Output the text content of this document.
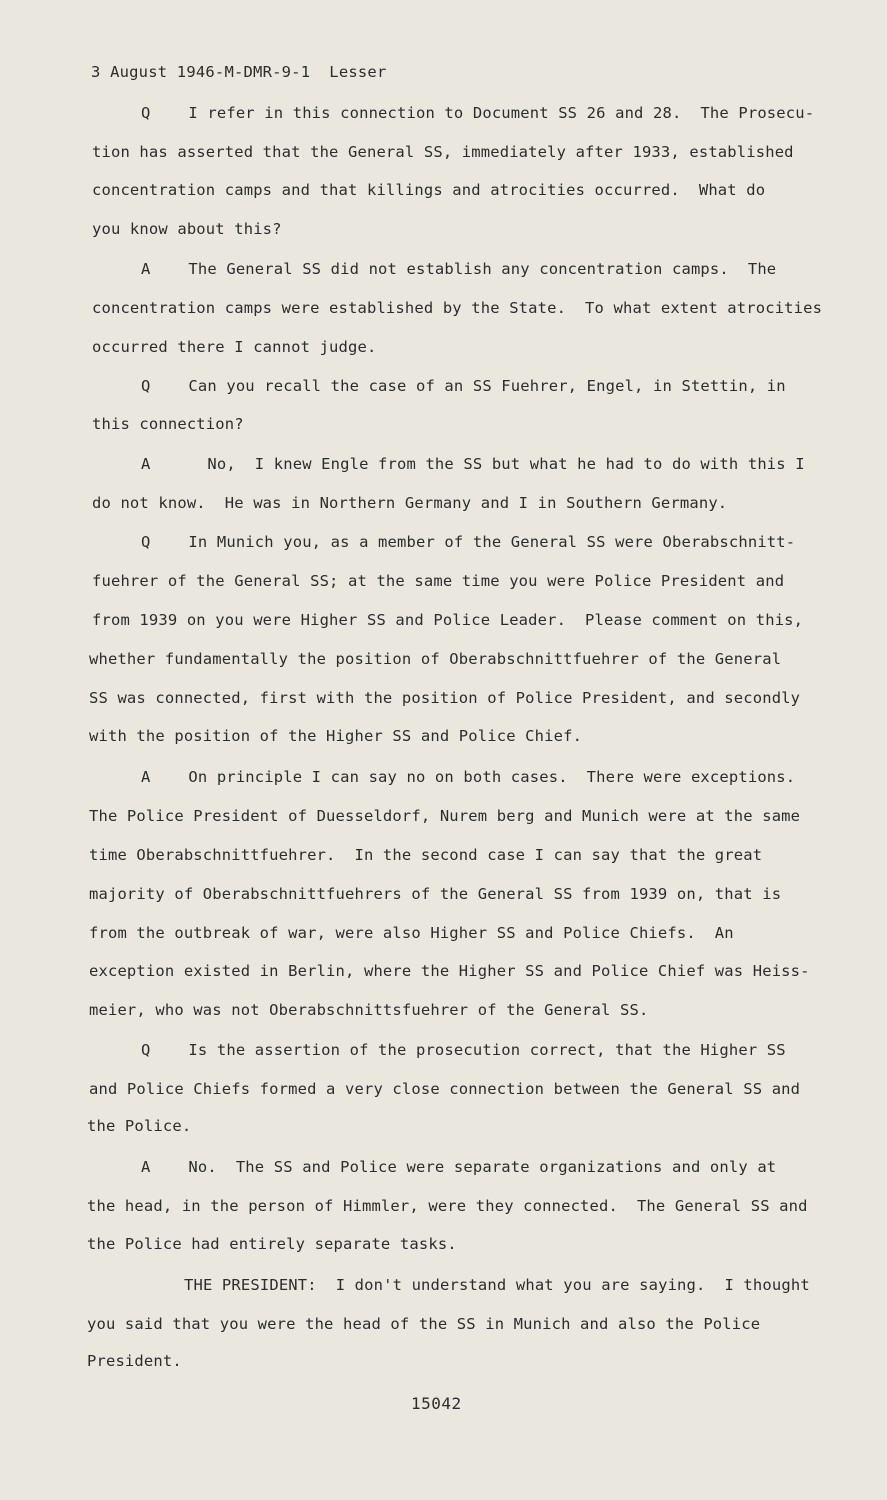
3 August 1946-M-DMR-9-1  Lesser
Q    I refer in this connection to Document SS 26 and 28.  The Prosecu-
tion has asserted that the General SS, immediately after 1933, established
concentration camps and that killings and atrocities occurred.  What do
you know about this?
A    The General SS did not establish any concentration camps.  The
concentration camps were established by the State.  To what extent atrocities
occurred there I cannot judge.
Q    Can you recall the case of an SS Fuehrer, Engel, in Stettin, in
this connection?
A      No,  I knew Engle from the SS but what he had to do with this I
do not know.  He was in Northern Germany and I in Southern Germany.
Q    In Munich you, as a member of the General SS were Oberabschnitt-
fuehrer of the General SS; at the same time you were Police President and
from 1939 on you were Higher SS and Police Leader.  Please comment on this,
whether fundamentally the position of Oberabschnittfuehrer of the General
SS was connected, first with the position of Police President, and secondly
with the position of the Higher SS and Police Chief.
A    On principle I can say no on both cases.  There were exceptions.
The Police President of Duesseldorf, Nurem berg and Munich were at the same
time Oberabschnittfuehrer.  In the second case I can say that the great
majority of Oberabschnittfuehrers of the General SS from 1939 on, that is
from the outbreak of war, were also Higher SS and Police Chiefs.  An
exception existed in Berlin, where the Higher SS and Police Chief was Heiss-
meier, who was not Oberabschnittsfuehrer of the General SS.
Q    Is the assertion of the prosecution correct, that the Higher SS
and Police Chiefs formed a very close connection between the General SS and
the Police.
A    No.  The SS and Police were separate organizations and only at
the head, in the person of Himmler, were they connected.  The General SS and
the Police had entirely separate tasks.
THE PRESIDENT:  I don't understand what you are saying.  I thought
you said that you were the head of the SS in Munich and also the Police
President.
15042
